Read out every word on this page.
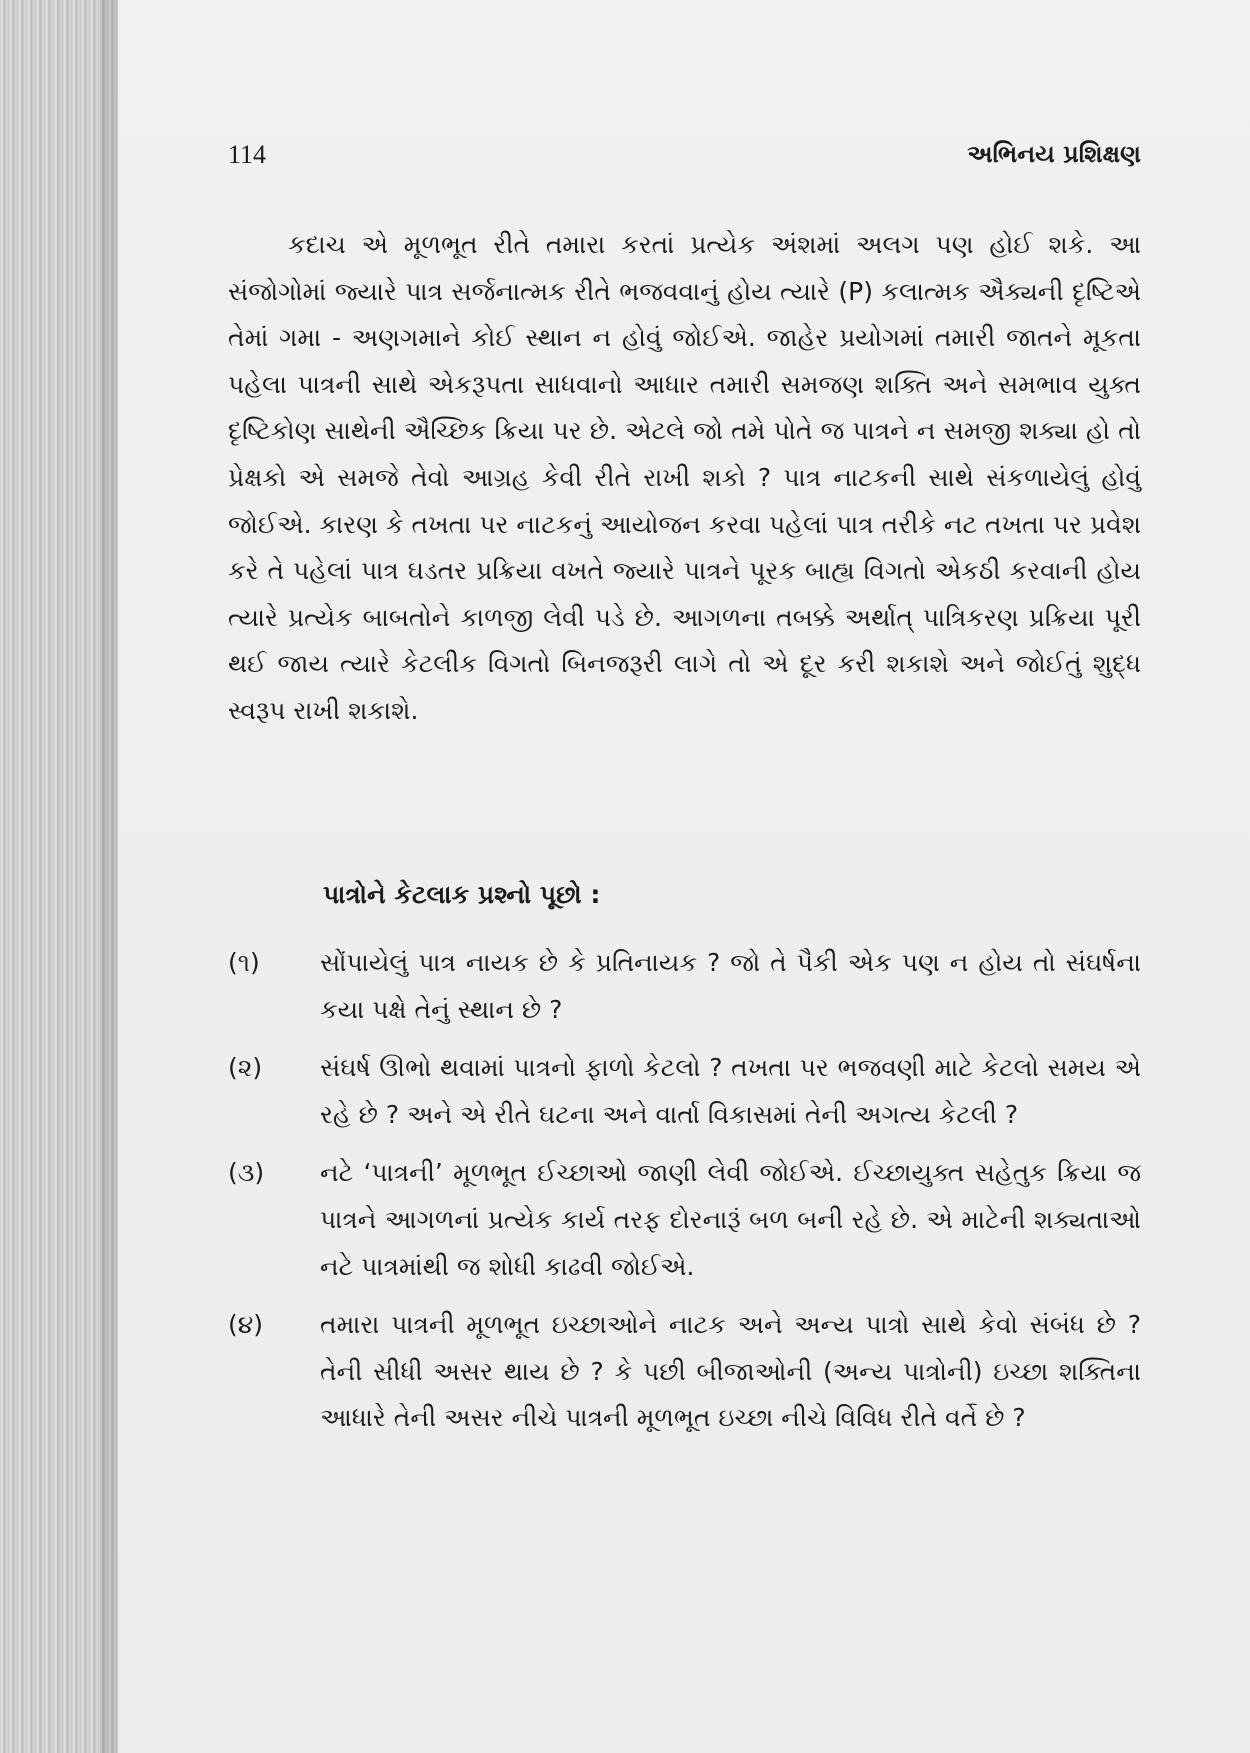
114	અભિનય પ્રશિક્ષણ

કદાચ એ મૂળભૂત રીતે તમારા કરતાં પ્રત્યેક અંશમાં અલગ પણ હોઈ શકે. આ સંજોગોમાં જ્યારે પાત્ર સર્જનાત્મક રીતે ભજવવાનું હોય ત્યારે (P) કલાત્મક ઐક્યની દૃષ્ટિએ તેમાં ગમા - અણગમાને કોઈ સ્થાન ન હોવું જોઈએ. જાહેર પ્રયોગમાં તમારી જાતને મૂકતા પહેલા પાત્રની સાથે એકરૂપતા સાધવાનો આધાર તમારી સમજણ શક્તિ અને સમભાવ યુક્ત દૃષ્ટિકોણ સાથેની ઐચ્છિક ક્રિયા પર છે. એટલે જો તમે પોતે જ પાત્રને ન સમજી શક્યા હો તો પ્રેક્ષકો એ સમજે તેવો આગ્રહ કેવી રીતે રાખી શકો ? પાત્ર નાટકની સાથે સંકળાયેલું હોવું જોઈએ. કારણ કે તખતા પર નાટકનું આયોજન કરવા પહેલાં પાત્ર તરીકે નટ તખતા પર પ્રવેશ કરે તે પહેલાં પાત્ર ઘડતર પ્રક્રિયા વખતે જ્યારે પાત્રને પૂરક બાહ્ય વિગતો એકઠી કરવાની હોય ત્યારે પ્રત્યેક બાબતોને કાળજી લેવી પડે છે. આગળના તબક્કે અર્થાત્ પાત્રિકરણ પ્રક્રિયા પૂરી થઈ જાય ત્યારે કેટલીક વિગતો બિનજરૂરી લાગે તો એ દૂર કરી શકાશે અને જોઈતું શુદ્ધ સ્વરૂપ રાખી શકાશે.

પાત્રોને કેટલાક પ્રશ્નો પૂછો :
(૧)	સોંપાયેલું પાત્ર નાયક છે કે પ્રતિનાયક ? જો તે પૈકી એક પણ ન હોય તો સંઘર્ષના કયા પક્ષે તેનું સ્થાન છે ?
(૨)	સંઘર્ષ ઊભો થવામાં પાત્રનો ફાળો કેટલો ? તખતા પર ભજવણી માટે કેટલો સમય એ રહે છે ? અને એ રીતે ઘટના અને વાર્તા વિકાસમાં તેની અગત્ય કેટલી ?
(૩)	નટે ‘પાત્રની’ મૂળભૂત ઈચ્છાઓ જાણી લેવી જોઈએ. ઈચ્છાયુક્ત સહેતુક ક્રિયા જ પાત્રને આગળનાં પ્રત્યેક કાર્ય તરફ દોરનારૂં બળ બની રહે છે. એ માટેની શક્યતાઓ નટે પાત્રમાંથી જ શોધી કાઢવી જોઈએ.
(૪)	તમારા પાત્રની મૂળભૂત ઇચ્છાઓને નાટક અને અન્ય પાત્રો સાથે કેવો સંબંધ છે ? તેની સીધી અસર થાય છે ? કે પછી બીજાઓની (અન્ય પાત્રોની) ઇચ્છા શક્તિના આધારે તેની અસર નીચે પાત્રની મૂળભૂત ઇચ્છા નીચે વિવિધ રીતે વર્તે છે ?
